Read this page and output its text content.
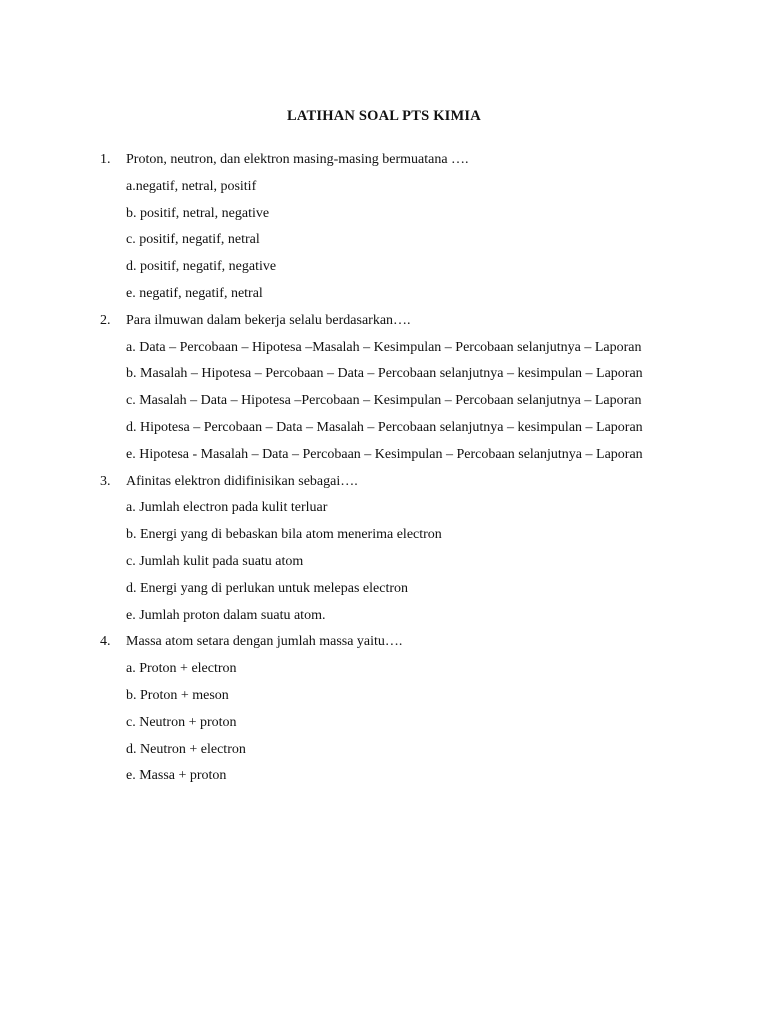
LATIHAN SOAL PTS KIMIA
1. Proton, neutron, dan elektron masing-masing bermuatana ….
a.negatif, netral, positif
b. positif, netral, negative
c. positif, negatif, netral
d. positif, negatif, negative
e. negatif, negatif, netral
2. Para ilmuwan dalam bekerja selalu berdasarkan….
a. Data – Percobaan – Hipotesa –Masalah – Kesimpulan – Percobaan selanjutnya – Laporan
b. Masalah – Hipotesa – Percobaan – Data – Percobaan selanjutnya – kesimpulan – Laporan
c. Masalah – Data – Hipotesa –Percobaan – Kesimpulan – Percobaan selanjutnya – Laporan
d. Hipotesa – Percobaan – Data – Masalah – Percobaan selanjutnya – kesimpulan – Laporan
e. Hipotesa - Masalah – Data – Percobaan – Kesimpulan – Percobaan selanjutnya – Laporan
3. Afinitas elektron didifinisikan sebagai….
a. Jumlah electron pada kulit terluar
b. Energi yang di bebaskan bila atom menerima electron
c. Jumlah kulit pada suatu atom
d. Energi yang di perlukan untuk melepas electron
e. Jumlah proton dalam suatu atom.
4. Massa atom setara dengan jumlah massa yaitu….
a. Proton + electron
b. Proton + meson
c. Neutron + proton
d. Neutron + electron
e. Massa + proton
